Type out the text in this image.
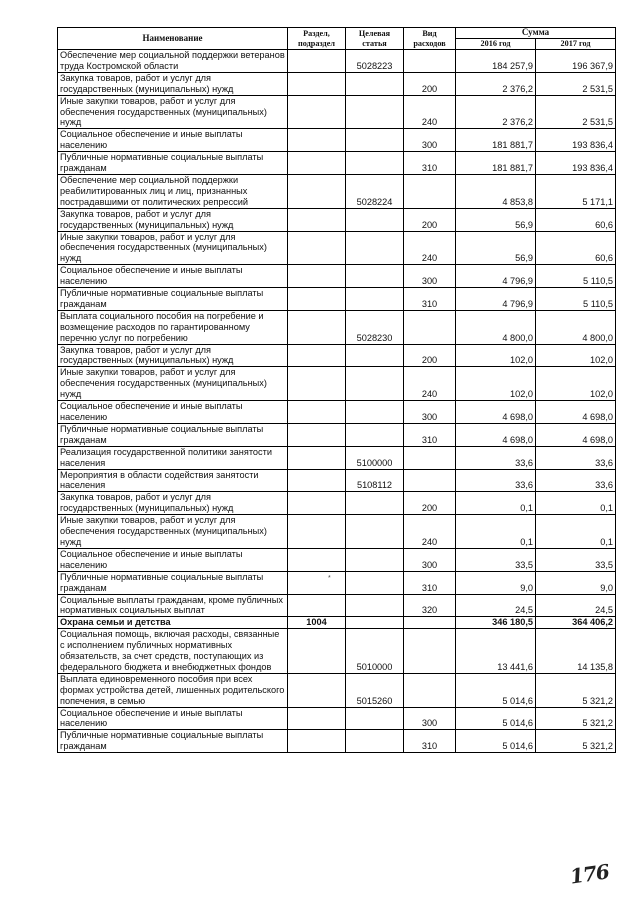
Наименование	Раздел, подраздел	Целевая статья	Вид расходов	Сумма	
				2016 год	2017 год
Обеспечение мер социальной поддержки ветеранов труда Костромской области		5028223		184 257,9	196 367,9
Закупка товаров, работ и услуг для государственных (муниципальных) нужд			200	2 376,2	2 531,5
Иные закупки товаров, работ и услуг для обеспечения государственных (муниципальных) нужд			240	2 376,2	2 531,5
Социальное обеспечение и иные выплаты населению			300	181 881,7	193 836,4
Публичные нормативные социальные выплаты гражданам			310	181 881,7	193 836,4
Обеспечение мер социальной поддержки реабилитированных лиц и лиц, признанных пострадавшими от политических репрессий		5028224		4 853,8	5 171,1
Закупка товаров, работ и услуг для государственных (муниципальных) нужд			200	56,9	60,6
Иные закупки товаров, работ и услуг для обеспечения государственных (муниципальных) нужд			240	56,9	60,6
Социальное обеспечение и иные выплаты населению			300	4 796,9	5 110,5
Публичные нормативные социальные выплаты гражданам			310	4 796,9	5 110,5
Выплата социального пособия на погребение и возмещение расходов по гарантированному перечню услуг по погребению		5028230		4 800,0	4 800,0
Закупка товаров, работ и услуг для государственных (муниципальных) нужд			200	102,0	102,0
Иные закупки товаров, работ и услуг для обеспечения государственных (муниципальных) нужд			240	102,0	102,0
Социальное обеспечение и иные выплаты населению			300	4 698,0	4 698,0
Публичные нормативные социальные выплаты гражданам			310	4 698,0	4 698,0
Реализация государственной политики занятости населения		5100000		33,6	33,6
Мероприятия в области содействия занятости населения		5108112		33,6	33,6
Закупка товаров, работ и услуг для государственных (муниципальных) нужд			200	0,1	0,1
Иные закупки товаров, работ и услуг для обеспечения государственных (муниципальных) нужд			240	0,1	0,1
Социальное обеспечение и иные выплаты населению			300	33,5	33,5
Публичные нормативные социальные выплаты гражданам			310	9,0	9,0
Социальные выплаты гражданам, кроме публичных нормативных социальных выплат			320	24,5	24,5
Охрана семьи и детства	1004			346 180,5	364 406,2
Социальная помощь, включая расходы, связанные с исполнением публичных нормативных обязательств, за счет средств, поступающих из федерального бюджета и внебюджетных фондов		5010000		13 441,6	14 135,8
Выплата единовременного пособия при всех формах устройства детей, лишенных родительского попечения, в семью		5015260		5 014,6	5 321,2
Социальное обеспечение и иные выплаты населению			300	5 014,6	5 321,2
Публичные нормативные социальные выплаты гражданам			310	5 014,6	5 321,2
*
176
